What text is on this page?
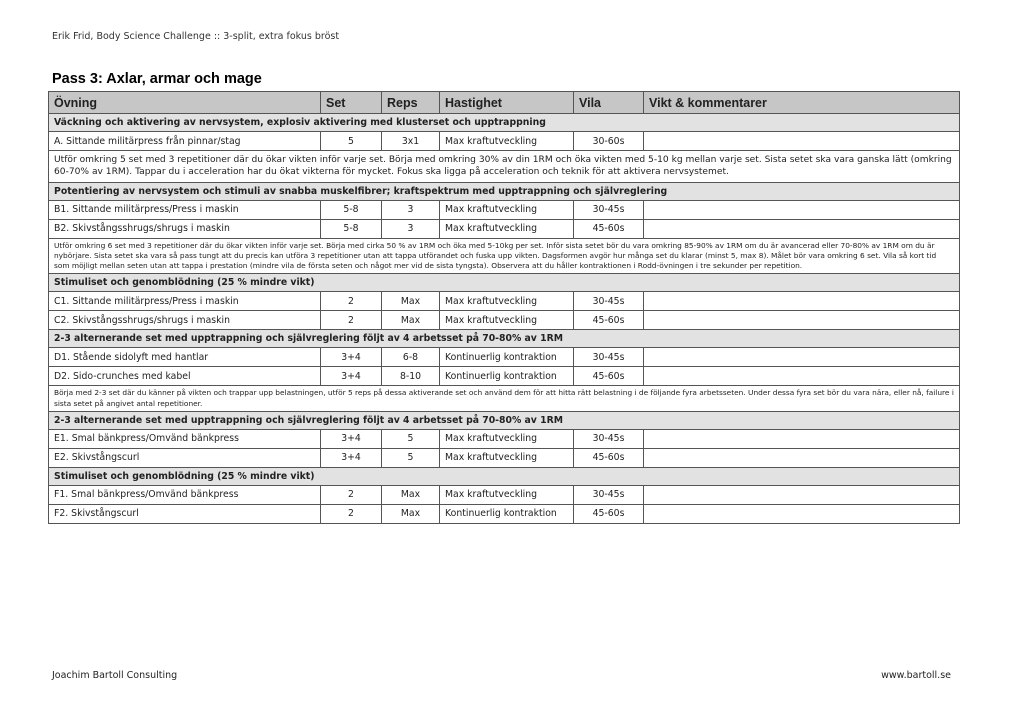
Erik Frid, Body Science Challenge :: 3-split, extra fokus bröst
Pass 3: Axlar, armar och mage
Övning	Set	Reps	Hastighet	Vila	Vikt & kommentarer
Väckning och aktivering av nervsystem, explosiv aktivering med klusterset och upptrappning					
A. Sittande militärpress från pinnar/stag	5	3x1	Max kraftutveckling	30-60s	
Utför omkring 5 set med 3 repetitioner där du ökar vikten inför varje set. Börja med omkring 30% av din 1RM och öka vikten med 5-10 kg mellan varje set. Sista setet ska vara ganska lätt (omkring 60-70% av 1RM). Tappar du i acceleration har du ökat vikterna för mycket. Fokus ska ligga på acceleration och teknik för att aktivera nervsystemet.					
Potentiering av nervsystem och stimuli av snabba muskelfibrer; kraftspektrum med upptrappning och självreglering					
B1. Sittande militärpress/Press i maskin	5-8	3	Max kraftutveckling	30-45s	
B2. Skivstångsshrugs/shrugs i maskin	5-8	3	Max kraftutveckling	45-60s	
Utför omkring 6 set med 3 repetitioner där du ökar vikten inför varje set. Börja med cirka 50 % av 1RM och öka med 5-10kg per set. Inför sista setet bör du vara omkring 85-90% av 1RM om du är avancerad eller 70-80% av 1RM om du är nybörjare. Sista setet ska vara så pass tungt att du precis kan utföra 3 repetitioner utan att tappa utförandet och fuska upp vikten. Dagsformen avgör hur många set du klarar (minst 5, max 8). Målet bör vara omkring 6 set. Vila så kort tid som möjligt mellan seten utan att tappa i prestation (mindre vila de första seten och något mer vid de sista tyngsta). Observera att du håller kontraktionen i Rodd-övningen i tre sekunder per repetition.					
Stimuliset och genomblödning (25 % mindre vikt)					
C1. Sittande militärpress/Press i maskin	2	Max	Max kraftutveckling	30-45s	
C2. Skivstångsshrugs/shrugs i maskin	2	Max	Max kraftutveckling	45-60s	
2-3 alternerande set med upptrappning och självreglering följt av 4 arbetsset på 70-80% av 1RM					
D1. Stående sidolyft med hantlar	3+4	6-8	Kontinuerlig kontraktion	30-45s	
D2. Sido-crunches med kabel	3+4	8-10	Kontinuerlig kontraktion	45-60s	
Börja med 2-3 set där du känner på vikten och trappar upp belastningen, utför 5 reps på dessa aktiverande set och använd dem för att hitta rätt belastning i de följande fyra arbetsseten. Under dessa fyra set bör du vara nära, eller nå, failure i sista setet på angivet antal repetitioner.					
2-3 alternerande set med upptrappning och självreglering följt av 4 arbetsset på 70-80% av 1RM					
E1. Smal bänkpress/Omvänd bänkpress	3+4	5	Max kraftutveckling	30-45s	
E2. Skivstångscurl	3+4	5	Max kraftutveckling	45-60s	
Stimuliset och genomblödning (25 % mindre vikt)					
F1. Smal bänkpress/Omvänd bänkpress	2	Max	Max kraftutveckling	30-45s	
F2. Skivstångscurl	2	Max	Kontinuerlig kontraktion	45-60s	
Joachim Bartoll Consulting	www.bartoll.se
